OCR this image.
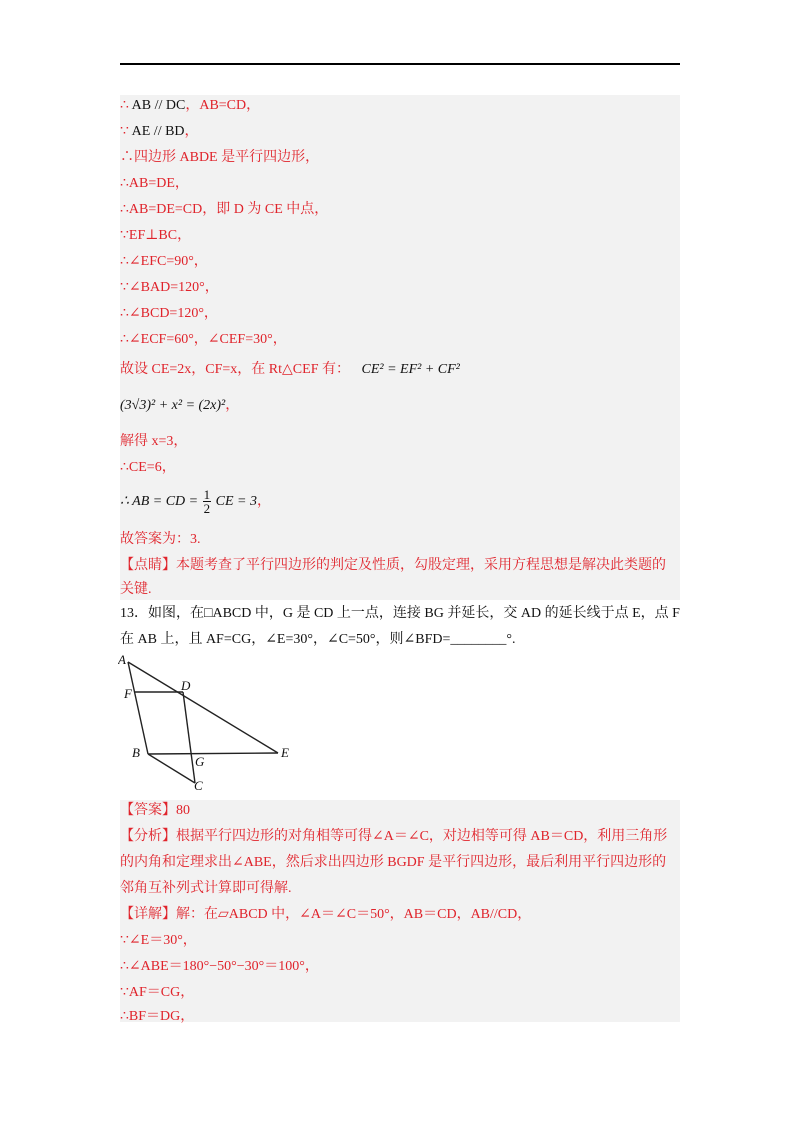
∴ AB // DC，AB=CD，
∵ AE // BD，
∴四边形 ABDE 是平行四边形，
∴AB=DE，
∴AB=DE=CD，即 D 为 CE 中点，
∵EF⊥BC，
∴∠EFC=90°，
∵∠BAD=120°，
∴∠BCD=120°，
∴∠ECF=60°，∠CEF=30°，
故设 CE=2x，CF=x，在 Rt△CEF 有： CE² = EF² + CF²
(3√3)² + x² = (2x)²，
解得 x=3，
∴CE=6，
∴ AB = CD = $\frac{1}{2}$ CE = 3，
故答案为：3.
【点睛】本题考查了平行四边形的判定及性质，勾股定理，采用方程思想是解决此类题的
关键.
13．如图，在□ABCD 中，G 是 CD 上一点，连接 BG 并延长，交 AD 的延长线于点 E，点 F
在 AB 上，且 AF=CG，∠E=30°，∠C=50°，则∠BFD=________°.
A
F
D
B
G
E
C
【答案】80
【分析】根据平行四边形的对角相等可得∠A＝∠C，对边相等可得 AB＝CD，利用三角形
的内角和定理求出∠ABE，然后求出四边形 BGDF 是平行四边形，最后利用平行四边形的
邻角互补列式计算即可得解.
【详解】解：在▱ABCD 中，∠A＝∠C＝50°，AB＝CD，AB//CD，
∵∠E＝30°，
∴∠ABE＝180°−50°−30°＝100°，
∵AF＝CG，
∴BF＝DG，
